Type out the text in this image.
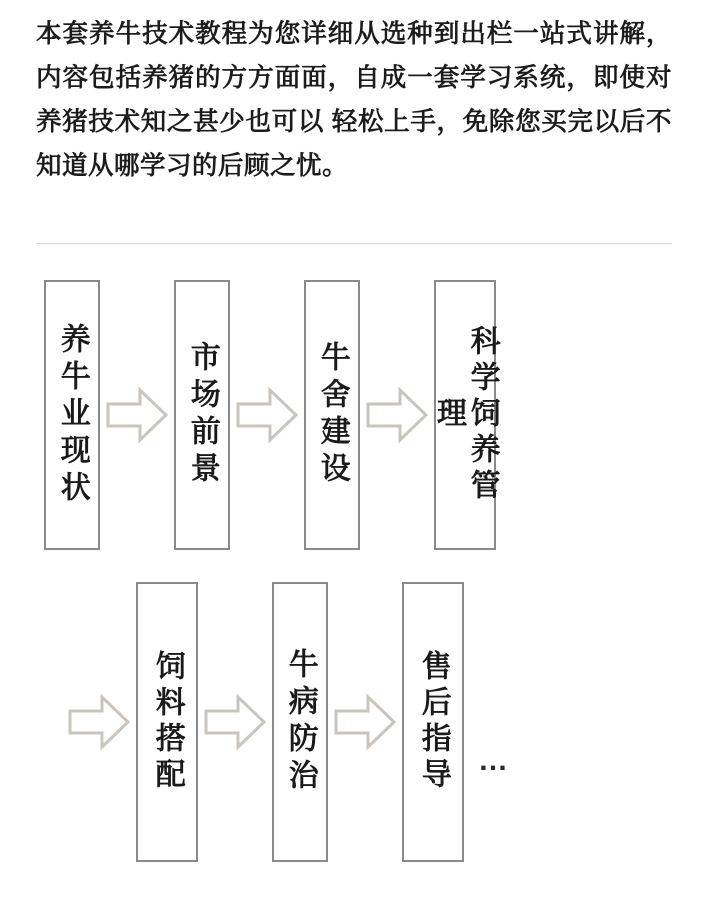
本套养牛技术教程为您详细从选种到出栏一站式讲解，内容包括养猪的方方面面，自成一套学习系统，即使对养猪技术知之甚少也可以 轻松上手，免除您买完以后不知道从哪学习的后顾之忧。
养牛业现状	市场前景	牛舍建设	科学饲养管理
饲料搭配	牛病防治	售后指导 …
